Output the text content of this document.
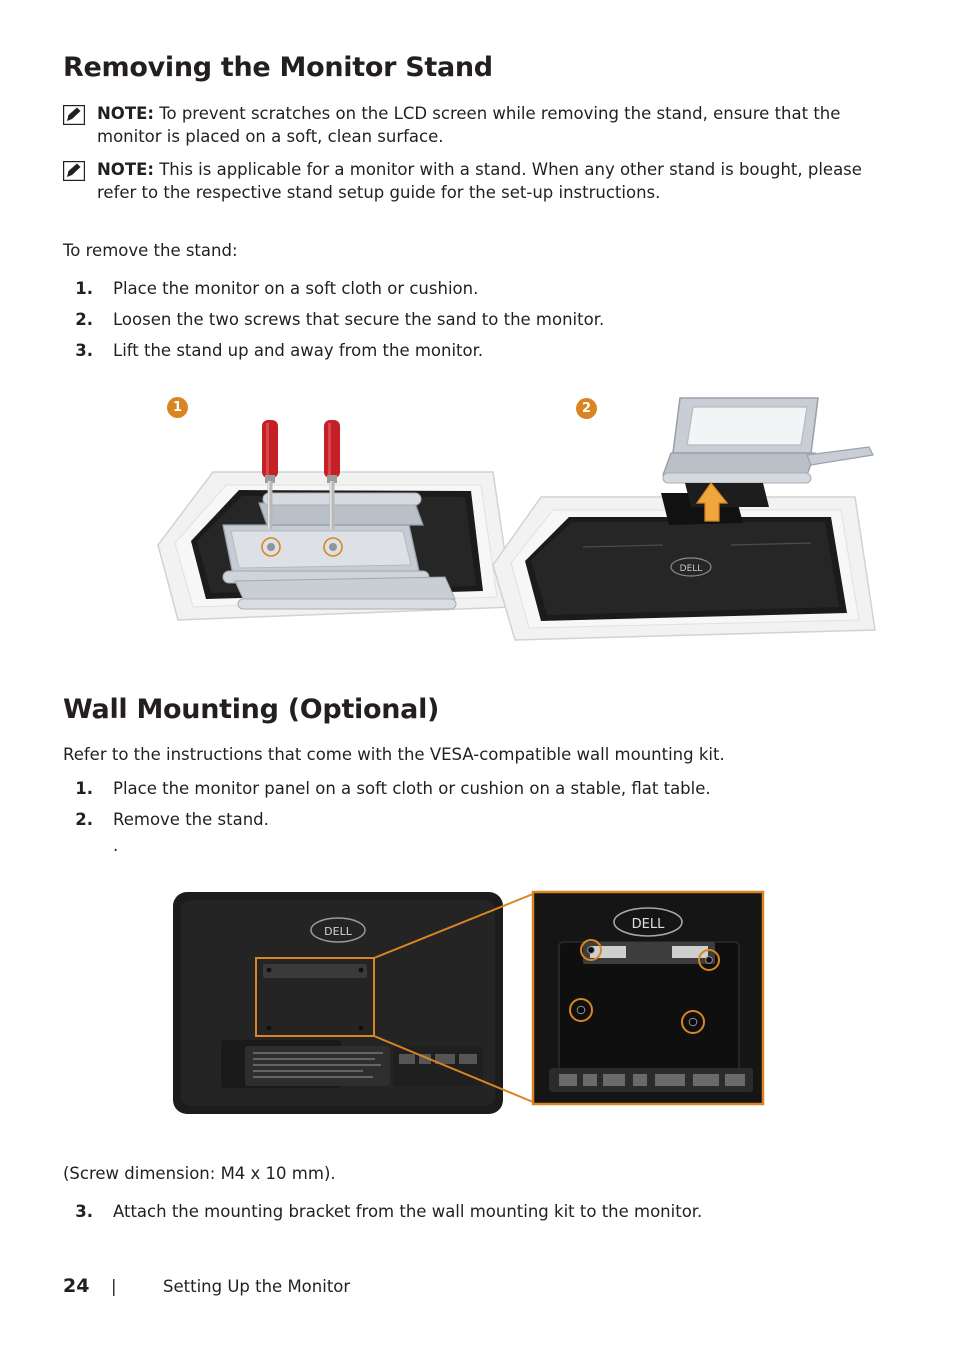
Removing the Monitor Stand
NOTE: To prevent scratches on the LCD screen while removing the stand, ensure that the monitor is placed on a soft, clean surface.
NOTE: This is applicable for a monitor with a stand. When any other stand is bought, please refer to the respective stand setup guide for the set-up instructions.
To remove the stand:
1. Place the monitor on a soft cloth or cushion.
2. Loosen the two screws that secure the sand to the monitor.
3. Lift the stand up and away from the monitor.
DELL
1	2
Wall Mounting (Optional)
Refer to the instructions that come with the VESA-compatible wall mounting kit.
1. Place the monitor panel on a soft cloth or cushion on a stable, flat table.
2. Remove the stand.
.
DELL	DELL
(Screw dimension: M4 x 10 mm).
3. Attach the mounting bracket from the wall mounting kit to the monitor.
24	|	Setting Up the Monitor
